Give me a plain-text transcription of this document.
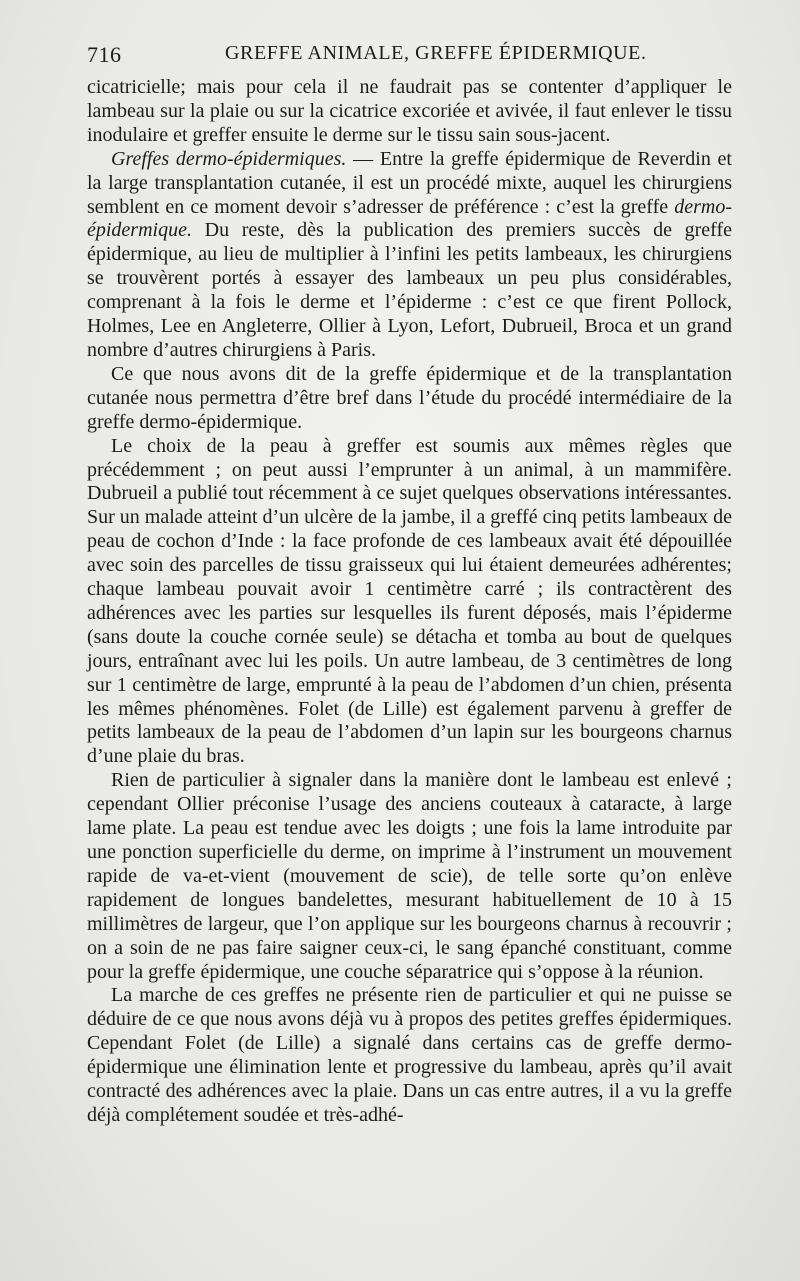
716	GREFFE ANIMALE, GREFFE ÉPIDERMIQUE.

cicatricielle; mais pour cela il ne faudrait pas se contenter d’appliquer le lambeau sur la plaie ou sur la cicatrice excoriée et avivée, il faut enlever le tissu inodulaire et greffer ensuite le derme sur le tissu sain sous-jacent.

Greffes dermo-épidermiques. — Entre la greffe épidermique de Reverdin et la large transplantation cutanée, il est un procédé mixte, auquel les chirurgiens semblent en ce moment devoir s’adresser de préférence : c’est la greffe dermo-épidermique. Du reste, dès la publication des premiers succès de greffe épidermique, au lieu de multiplier à l’infini les petits lambeaux, les chirurgiens se trouvèrent portés à essayer des lambeaux un peu plus considérables, comprenant à la fois le derme et l’épiderme : c’est ce que firent Pollock, Holmes, Lee en Angleterre, Ollier à Lyon, Lefort, Dubrueil, Broca et un grand nombre d’autres chirurgiens à Paris.

Ce que nous avons dit de la greffe épidermique et de la transplantation cutanée nous permettra d’être bref dans l’étude du procédé intermédiaire de la greffe dermo-épidermique.

Le choix de la peau à greffer est soumis aux mêmes règles que précédemment ; on peut aussi l’emprunter à un animal, à un mammifère. Dubrueil a publié tout récemment à ce sujet quelques observations intéressantes. Sur un malade atteint d’un ulcère de la jambe, il a greffé cinq petits lambeaux de peau de cochon d’Inde : la face profonde de ces lambeaux avait été dépouillée avec soin des parcelles de tissu graisseux qui lui étaient demeurées adhérentes; chaque lambeau pouvait avoir 1 centimètre carré ; ils contractèrent des adhérences avec les parties sur lesquelles ils furent déposés, mais l’épiderme (sans doute la couche cornée seule) se détacha et tomba au bout de quelques jours, entraînant avec lui les poils. Un autre lambeau, de 3 centimètres de long sur 1 centimètre de large, emprunté à la peau de l’abdomen d’un chien, présenta les mêmes phénomènes. Folet (de Lille) est également parvenu à greffer de petits lambeaux de la peau de l’abdomen d’un lapin sur les bourgeons charnus d’une plaie du bras.

Rien de particulier à signaler dans la manière dont le lambeau est enlevé ; cependant Ollier préconise l’usage des anciens couteaux à cataracte, à large lame plate. La peau est tendue avec les doigts ; une fois la lame introduite par une ponction superficielle du derme, on imprime à l’instrument un mouvement rapide de va-et-vient (mouvement de scie), de telle sorte qu’on enlève rapidement de longues bandelettes, mesurant habituellement de 10 à 15 millimètres de largeur, que l’on applique sur les bourgeons charnus à recouvrir ; on a soin de ne pas faire saigner ceux-ci, le sang épanché constituant, comme pour la greffe épidermique, une couche séparatrice qui s’oppose à la réunion.

La marche de ces greffes ne présente rien de particulier et qui ne puisse se déduire de ce que nous avons déjà vu à propos des petites greffes épidermiques. Cependant Folet (de Lille) a signalé dans certains cas de greffe dermo-épidermique une élimination lente et progressive du lambeau, après qu’il avait contracté des adhérences avec la plaie. Dans un cas entre autres, il a vu la greffe déjà complétement soudée et très-adhé-
